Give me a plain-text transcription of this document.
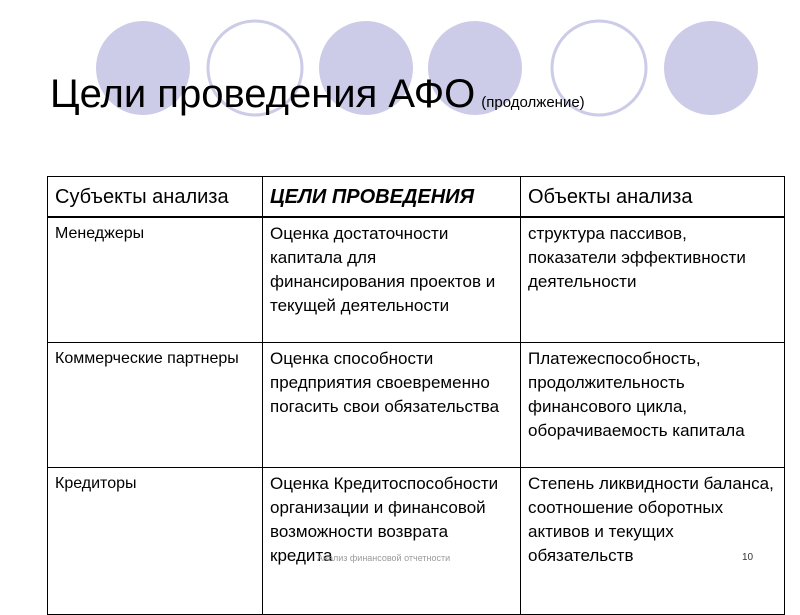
Цели проведения АФО (продолжение)
Субъекты анализа	ЦЕЛИ ПРОВЕДЕНИЯ	Объекты анализа
Менеджеры	Оценка достаточности капитала для финансирования проектов и текущей деятельности	структура пассивов, показатели эффективности деятельности
Коммерческие партнеры	Оценка способности предприятия своевременно погасить свои обязательства	Платежеспособность, продолжительность финансового цикла, оборачиваемость капитала
Кредиторы	Оценка Кредитоспособности организации и финансовой возможности возврата кредита	Степень ликвидности баланса, соотношение оборотных активов и текущих обязательств
Анализ финансовой отчетности	10
